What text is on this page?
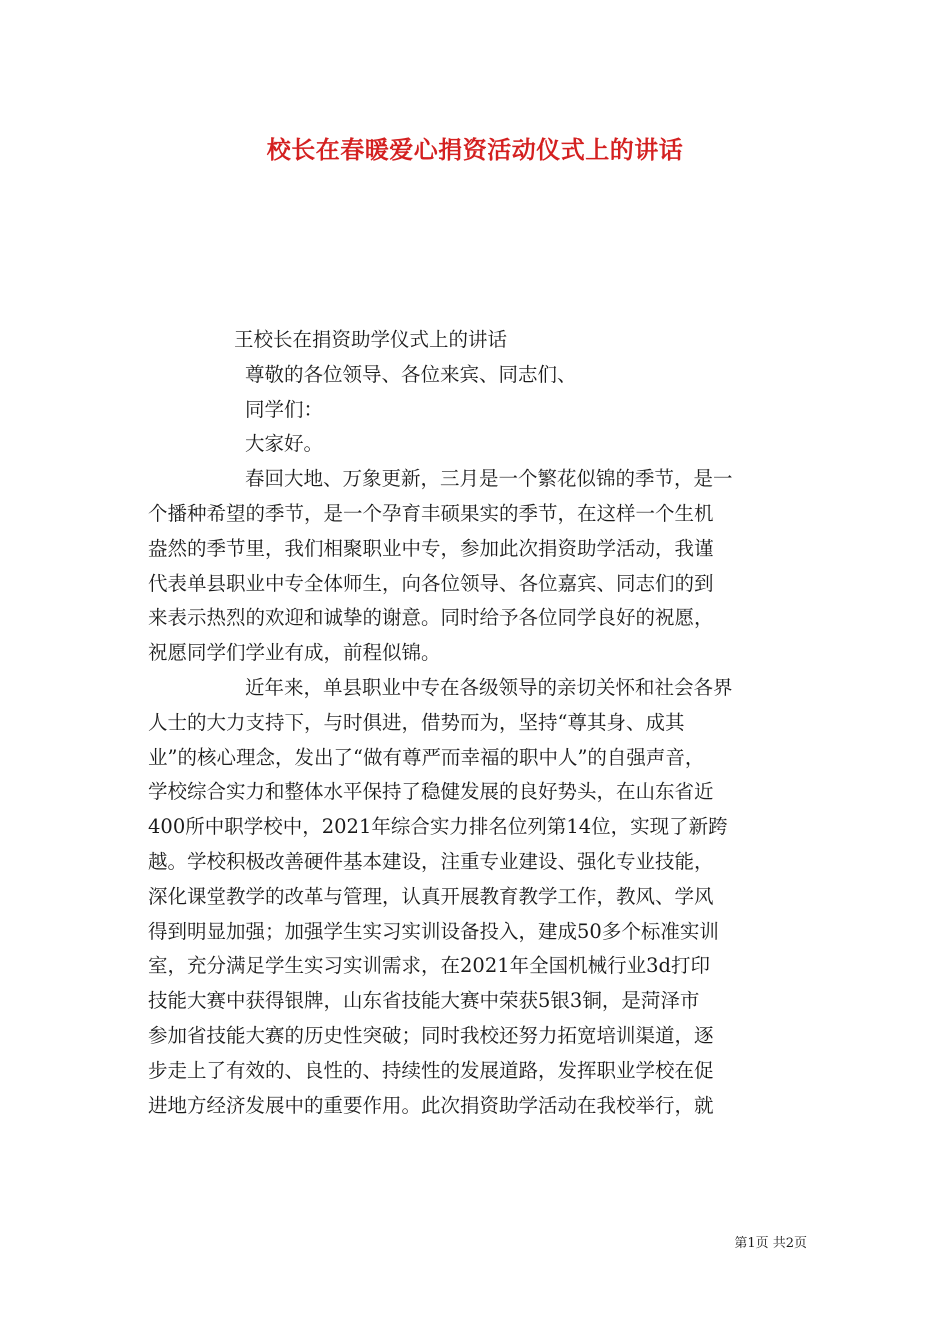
校长在春暖爱心捐资活动仪式上的讲话
王校长在捐资助学仪式上的讲话
尊敬的各位领导、各位来宾、同志们、
同学们：
大家好。
春回大地、万象更新，三月是一个繁花似锦的季节，是一
个播种希望的季节，是一个孕育丰硕果实的季节，在这样一个生机
盎然的季节里，我们相聚职业中专，参加此次捐资助学活动，我谨
代表单县职业中专全体师生，向各位领导、各位嘉宾、同志们的到
来表示热烈的欢迎和诚挚的谢意。同时给予各位同学良好的祝愿，
祝愿同学们学业有成，前程似锦。
近年来，单县职业中专在各级领导的亲切关怀和社会各界
人士的大力支持下，与时俱进，借势而为，坚持“尊其身、成其
业”的核心理念，发出了“做有尊严而幸福的职中人”的自强声音，
学校综合实力和整体水平保持了稳健发展的良好势头，在山东省近
400所中职学校中，2021年综合实力排名位列第14位，实现了新跨
越。学校积极改善硬件基本建设，注重专业建设、强化专业技能，
深化课堂教学的改革与管理，认真开展教育教学工作，教风、学风
得到明显加强；加强学生实习实训设备投入，建成50多个标准实训
室，充分满足学生实习实训需求，在2021年全国机械行业3d打印
技能大赛中获得银牌，山东省技能大赛中荣获5银3铜，是菏泽市
参加省技能大赛的历史性突破；同时我校还努力拓宽培训渠道，逐
步走上了有效的、良性的、持续性的发展道路，发挥职业学校在促
进地方经济发展中的重要作用。此次捐资助学活动在我校举行，就
第1页 共2页
